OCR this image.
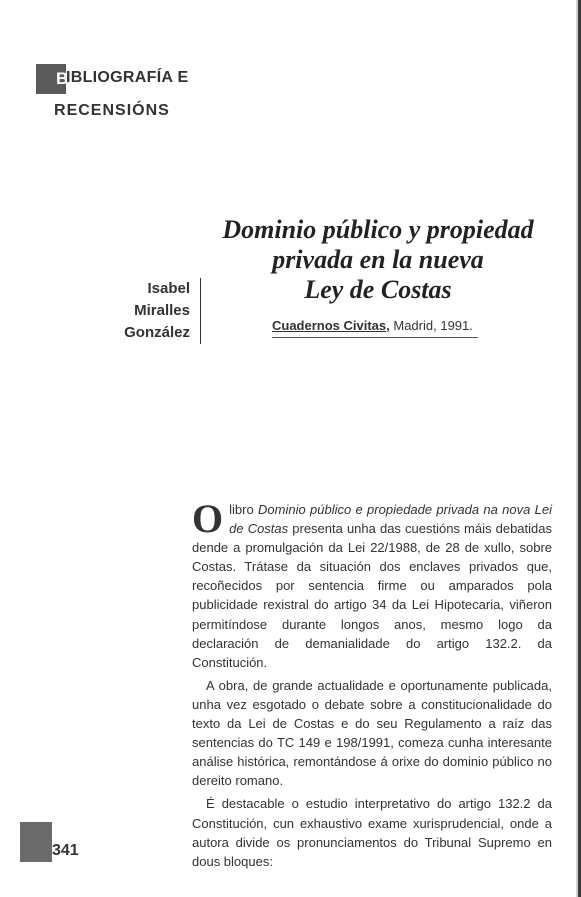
B
IBLIOGRAFÍA E
RECENSIÓNS
Dominio público y propiedad
privada en la nueva
Ley de Costas
Isabel
Miralles
González	Cuadernos Civitas, Madrid, 1991.

O libro Dominio público e propiedade privada na nova Lei de Costas presenta unha das cuestións máis debatidas dende a promulgación da Lei 22/1988, de 28 de xullo, sobre Costas. Trátase da situación dos enclaves privados que, recoñecidos por sentencia firme ou amparados pola publicidade rexistral do artigo 34 da Lei Hipotecaria, viñeron permitíndose durante longos anos, mesmo logo da declaración de demanialidade do artigo 132.2. da Constitución.

A obra, de grande actualidade e oportunamente publicada, unha vez esgotado o debate sobre a constitucionalidade do texto da Lei de Costas e do seu Regulamento a raíz das sentencias do TC 149 e 198/1991, comeza cunha interesante análise histórica, remontándose á orixe do dominio público no dereito romano.

É destacable o estudio interpretativo do artigo 132.2 da Constitución, cun exhaustivo exame xurisprudencial, onde a autora divide os pronunciamentos do Tribunal Supremo en dous bloques:

341
